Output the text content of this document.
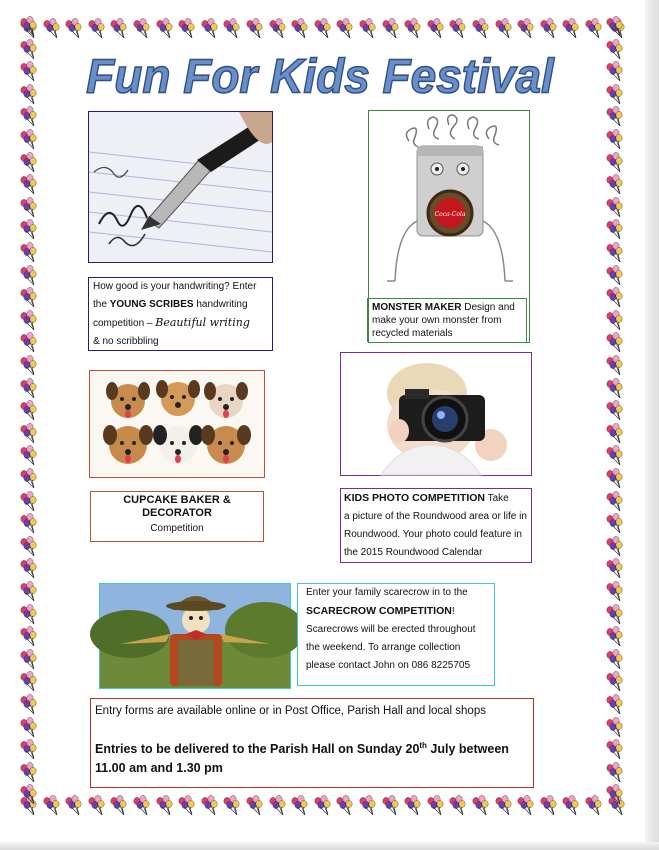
Fun For Kids Festival
How good is your handwriting? Enter
the YOUNG SCRIBES handwriting
competition – Beautiful writing
& no scribbling
Coca-Cola
MONSTER MAKER Design and
make your own monster from
recycled materials
CUPCAKE BAKER &
DECORATOR
Competition
KIDS PHOTO COMPETITION Take
a picture of the Roundwood area or life in
Roundwood. Your photo could feature in
the 2015 Roundwood Calendar
Enter your family scarecrow in to the
SCARECROW COMPETITION!
Scarecrows will be erected throughout
the weekend. To arrange collection
please contact John on 086 8225705
Entry forms are available online or in Post Office, Parish Hall and local shops
Entries to be delivered to the Parish Hall on Sunday 20th July between
11.00 am and 1.30 pm
